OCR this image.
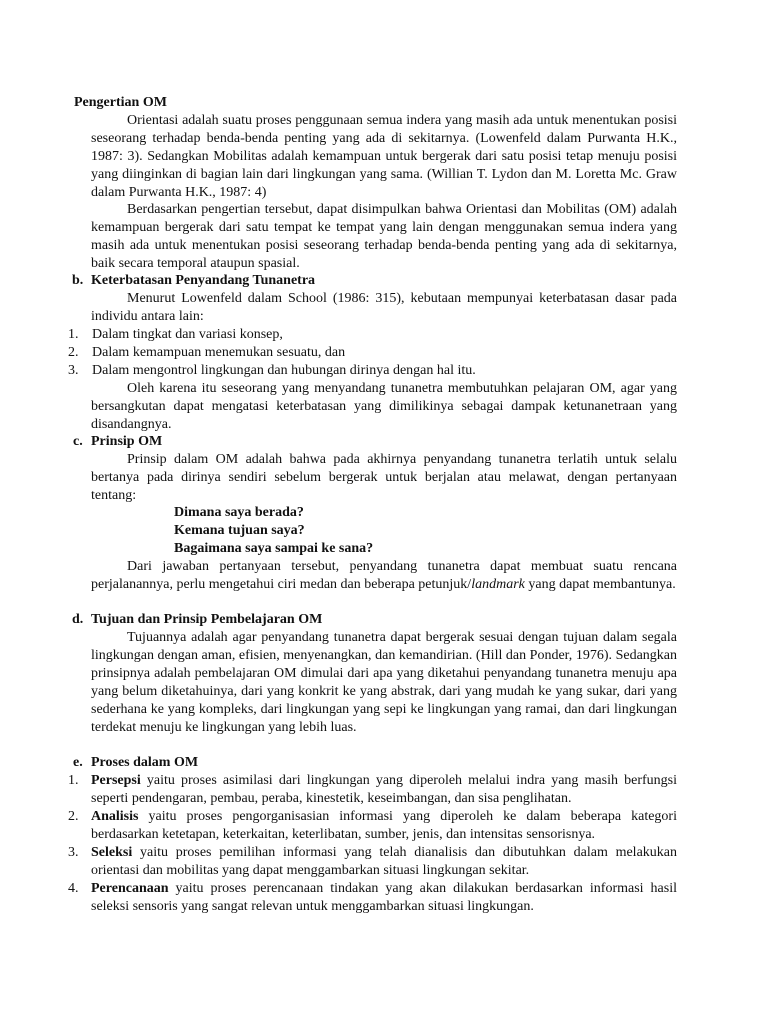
Pengertian OM

Orientasi adalah suatu proses penggunaan semua indera yang masih ada untuk menentukan posisi seseorang terhadap benda-benda penting yang ada di sekitarnya. (Lowenfeld dalam Purwanta H.K., 1987: 3). Sedangkan Mobilitas adalah kemampuan untuk bergerak dari satu posisi tetap menuju posisi yang diinginkan di bagian lain dari lingkungan yang sama. (Willian T. Lydon dan M. Loretta Mc. Graw dalam Purwanta H.K., 1987: 4)

Berdasarkan pengertian tersebut, dapat disimpulkan bahwa Orientasi dan Mobilitas (OM) adalah kemampuan bergerak dari satu tempat ke tempat yang lain dengan menggunakan semua indera yang masih ada untuk menentukan posisi seseorang terhadap benda-benda penting yang ada di sekitarnya, baik secara temporal ataupun spasial.

b. Keterbatasan Penyandang Tunanetra

Menurut Lowenfeld dalam School (1986: 315), kebutaan mempunyai keterbatasan dasar pada individu antara lain:

1. Dalam tingkat dan variasi konsep,
2. Dalam kemampuan menemukan sesuatu, dan
3. Dalam mengontrol lingkungan dan hubungan dirinya dengan hal itu.

Oleh karena itu seseorang yang menyandang tunanetra membutuhkan pelajaran OM, agar yang bersangkutan dapat mengatasi keterbatasan yang dimilikinya sebagai dampak ketunanetraan yang disandangnya.

c. Prinsip OM

Prinsip dalam OM adalah bahwa pada akhirnya penyandang tunanetra terlatih untuk selalu bertanya pada dirinya sendiri sebelum bergerak untuk berjalan atau melawat, dengan pertanyaan tentang:

Dimana saya berada?
Kemana tujuan saya?
Bagaimana saya sampai ke sana?

Dari jawaban pertanyaan tersebut, penyandang tunanetra dapat membuat suatu rencana perjalanannya, perlu mengetahui ciri medan dan beberapa petunjuk/landmark yang dapat membantunya.

d. Tujuan dan Prinsip Pembelajaran OM

Tujuannya adalah agar penyandang tunanetra dapat bergerak sesuai dengan tujuan dalam segala lingkungan dengan aman, efisien, menyenangkan, dan kemandirian. (Hill dan Ponder, 1976). Sedangkan prinsipnya adalah pembelajaran OM dimulai dari apa yang diketahui penyandang tunanetra menuju apa yang belum diketahuinya, dari yang konkrit ke yang abstrak, dari yang mudah ke yang sukar, dari yang sederhana ke yang kompleks, dari lingkungan yang sepi ke lingkungan yang ramai, dan dari lingkungan terdekat menuju ke lingkungan yang lebih luas.

e. Proses dalam OM
1. Persepsi yaitu proses asimilasi dari lingkungan yang diperoleh melalui indra yang masih berfungsi seperti pendengaran, pembau, peraba, kinestetik, keseimbangan, dan sisa penglihatan.

2. Analisis yaitu proses pengorganisasian informasi yang diperoleh ke dalam beberapa kategori berdasarkan ketetapan, keterkaitan, keterlibatan, sumber, jenis, dan intensitas sensorisnya.

3. Seleksi yaitu proses pemilihan informasi yang telah dianalisis dan dibutuhkan dalam melakukan orientasi dan mobilitas yang dapat menggambarkan situasi lingkungan sekitar.

4. Perencanaan yaitu proses perencanaan tindakan yang akan dilakukan berdasarkan informasi hasil seleksi sensoris yang sangat relevan untuk menggambarkan situasi lingkungan.
